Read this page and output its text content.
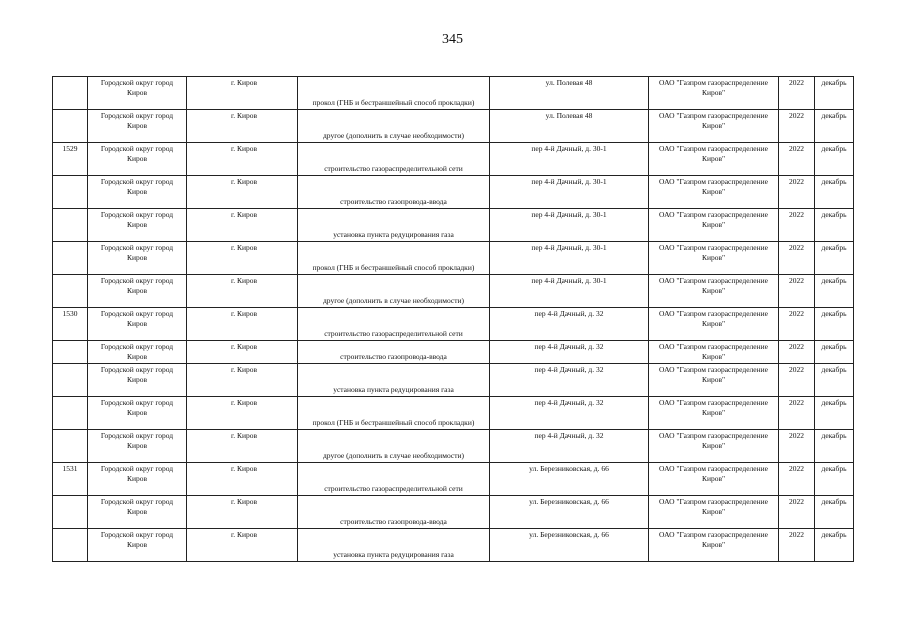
345
	Городской округ город Киров	г. Киров	прокол (ГНБ и бестраншейный способ прокладки)	ул. Полевая 48	ОАО "Газпром газораспределение Киров"	2022	декабрь
	Городской округ город Киров	г. Киров	другое (дополнить в случае необходимости)	ул. Полевая 48	ОАО "Газпром газораспределение Киров"	2022	декабрь
1529	Городской округ город Киров	г. Киров	строительство газораспределительной сети	пер 4-й Дачный, д. 30-1	ОАО "Газпром газораспределение Киров"	2022	декабрь
	Городской округ город Киров	г. Киров	строительство газопровода-ввода	пер 4-й Дачный, д. 30-1	ОАО "Газпром газораспределение Киров"	2022	декабрь
	Городской округ город Киров	г. Киров	установка пункта редуцирования газа	пер 4-й Дачный, д. 30-1	ОАО "Газпром газораспределение Киров"	2022	декабрь
	Городской округ город Киров	г. Киров	прокол (ГНБ и бестраншейный способ прокладки)	пер 4-й Дачный, д. 30-1	ОАО "Газпром газораспределение Киров"	2022	декабрь
	Городской округ город Киров	г. Киров	другое (дополнить в случае необходимости)	пер 4-й Дачный, д. 30-1	ОАО "Газпром газораспределение Киров"	2022	декабрь
1530	Городской округ город Киров	г. Киров	строительство газораспределительной сети	пер 4-й Дачный, д. 32	ОАО "Газпром газораспределение Киров"	2022	декабрь
	Городской округ город Киров	г. Киров	строительство газопровода-ввода	пер 4-й Дачный, д. 32	ОАО "Газпром газораспределение Киров"	2022	декабрь
	Городской округ город Киров	г. Киров	установка пункта редуцирования газа	пер 4-й Дачный, д. 32	ОАО "Газпром газораспределение Киров"	2022	декабрь
	Городской округ город Киров	г. Киров	прокол (ГНБ и бестраншейный способ прокладки)	пер 4-й Дачный, д. 32	ОАО "Газпром газораспределение Киров"	2022	декабрь
	Городской округ город Киров	г. Киров	другое (дополнить в случае необходимости)	пер 4-й Дачный, д. 32	ОАО "Газпром газораспределение Киров"	2022	декабрь
1531	Городской округ город Киров	г. Киров	строительство газораспределительной сети	ул. Березниковская, д. 66	ОАО "Газпром газораспределение Киров"	2022	декабрь
	Городской округ город Киров	г. Киров	строительство газопровода-ввода	ул. Березниковская, д. 66	ОАО "Газпром газораспределение Киров"	2022	декабрь
	Городской округ город Киров	г. Киров	установка пункта редуцирования газа	ул. Березниковская, д. 66	ОАО "Газпром газораспределение Киров"	2022	декабрь
